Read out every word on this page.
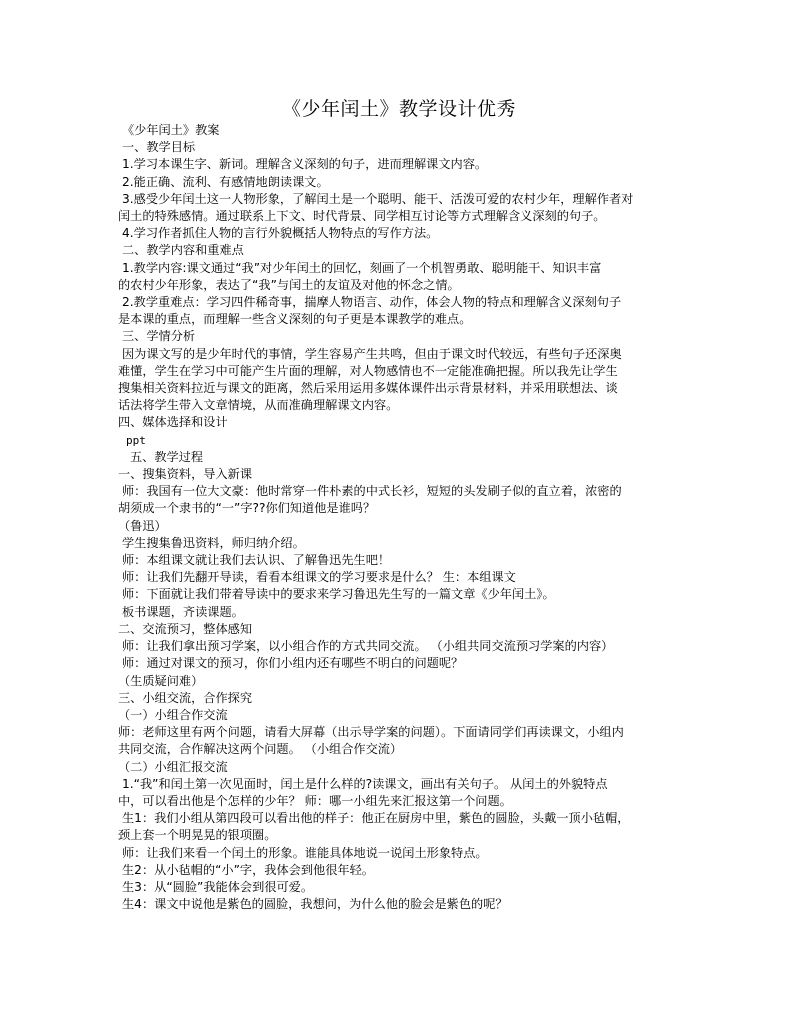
《少年闰土》教学设计优秀
《少年闰土》教案
一、教学目标
1.学习本课生字、新词。理解含义深刻的句子，进而理解课文内容。
2.能正确、流利、有感情地朗读课文。
3.感受少年闰土这一人物形象，了解闰土是一个聪明、能干、活泼可爱的农村少年，理解作者对
闰土的特殊感情。通过联系上下文、时代背景、同学相互讨论等方式理解含义深刻的句子。
4.学习作者抓住人物的言行外貌概括人物特点的写作方法。
二、教学内容和重难点
1.教学内容:课文通过“我”对少年闰土的回忆，刻画了一个机智勇敢、聪明能干、知识丰富
的农村少年形象，表达了“我”与闰土的友谊及对他的怀念之情。
2.教学重难点：学习四件稀奇事，揣摩人物语言、动作，体会人物的特点和理解含义深刻句子
是本课的重点，而理解一些含义深刻的句子更是本课教学的难点。
三、学情分析
因为课文写的是少年时代的事情，学生容易产生共鸣，但由于课文时代较远，有些句子还深奥
难懂，学生在学习中可能产生片面的理解，对人物感情也不一定能准确把握。所以我先让学生
搜集相关资料拉近与课文的距离，然后采用运用多媒体课件出示背景材料，并采用联想法、谈
话法将学生带入文章情境，从而准确理解课文内容。
四、媒体选择和设计
ppt
五、教学过程
一、搜集资料，导入新课
师：我国有一位大文豪：他时常穿一件朴素的中式长衫，短短的头发刷子似的直立着，浓密的
胡须成一个隶书的“一”字??你们知道他是谁吗？
（鲁迅）
学生搜集鲁迅资料，师归纳介绍。
师：本组课文就让我们去认识、了解鲁迅先生吧！
师：让我们先翻开导读，看看本组课文的学习要求是什么？ 生：本组课文
师：下面就让我们带着导读中的要求来学习鲁迅先生写的一篇文章《少年闰土》。
板书课题，齐读课题。
二、交流预习，整体感知
师：让我们拿出预习学案，以小组合作的方式共同交流。 （小组共同交流预习学案的内容）
师：通过对课文的预习，你们小组内还有哪些不明白的问题呢？
（生质疑问难）
三、小组交流，合作探究
（一）小组合作交流
师：老师这里有两个问题，请看大屏幕（出示导学案的问题）。下面请同学们再读课文，小组内
共同交流，合作解决这两个问题。 （小组合作交流）
（二）小组汇报交流
1.“我”和闰土第一次见面时，闰土是什么样的?读课文，画出有关句子。 从闰土的外貌特点
中，可以看出他是个怎样的少年？ 师：哪一小组先来汇报这第一个问题。
生1：我们小组从第四段可以看出他的样子：他正在厨房中里，紫色的圆脸，头戴一顶小毡帽，
颈上套一个明晃晃的银项圈。
师：让我们来看一个闰土的形象。谁能具体地说一说闰土形象特点。
生2：从小毡帽的“小”字，我体会到他很年轻。
生3：从“圆脸”我能体会到很可爱。
生4：课文中说他是紫色的圆脸，我想问，为什么他的脸会是紫色的呢？
